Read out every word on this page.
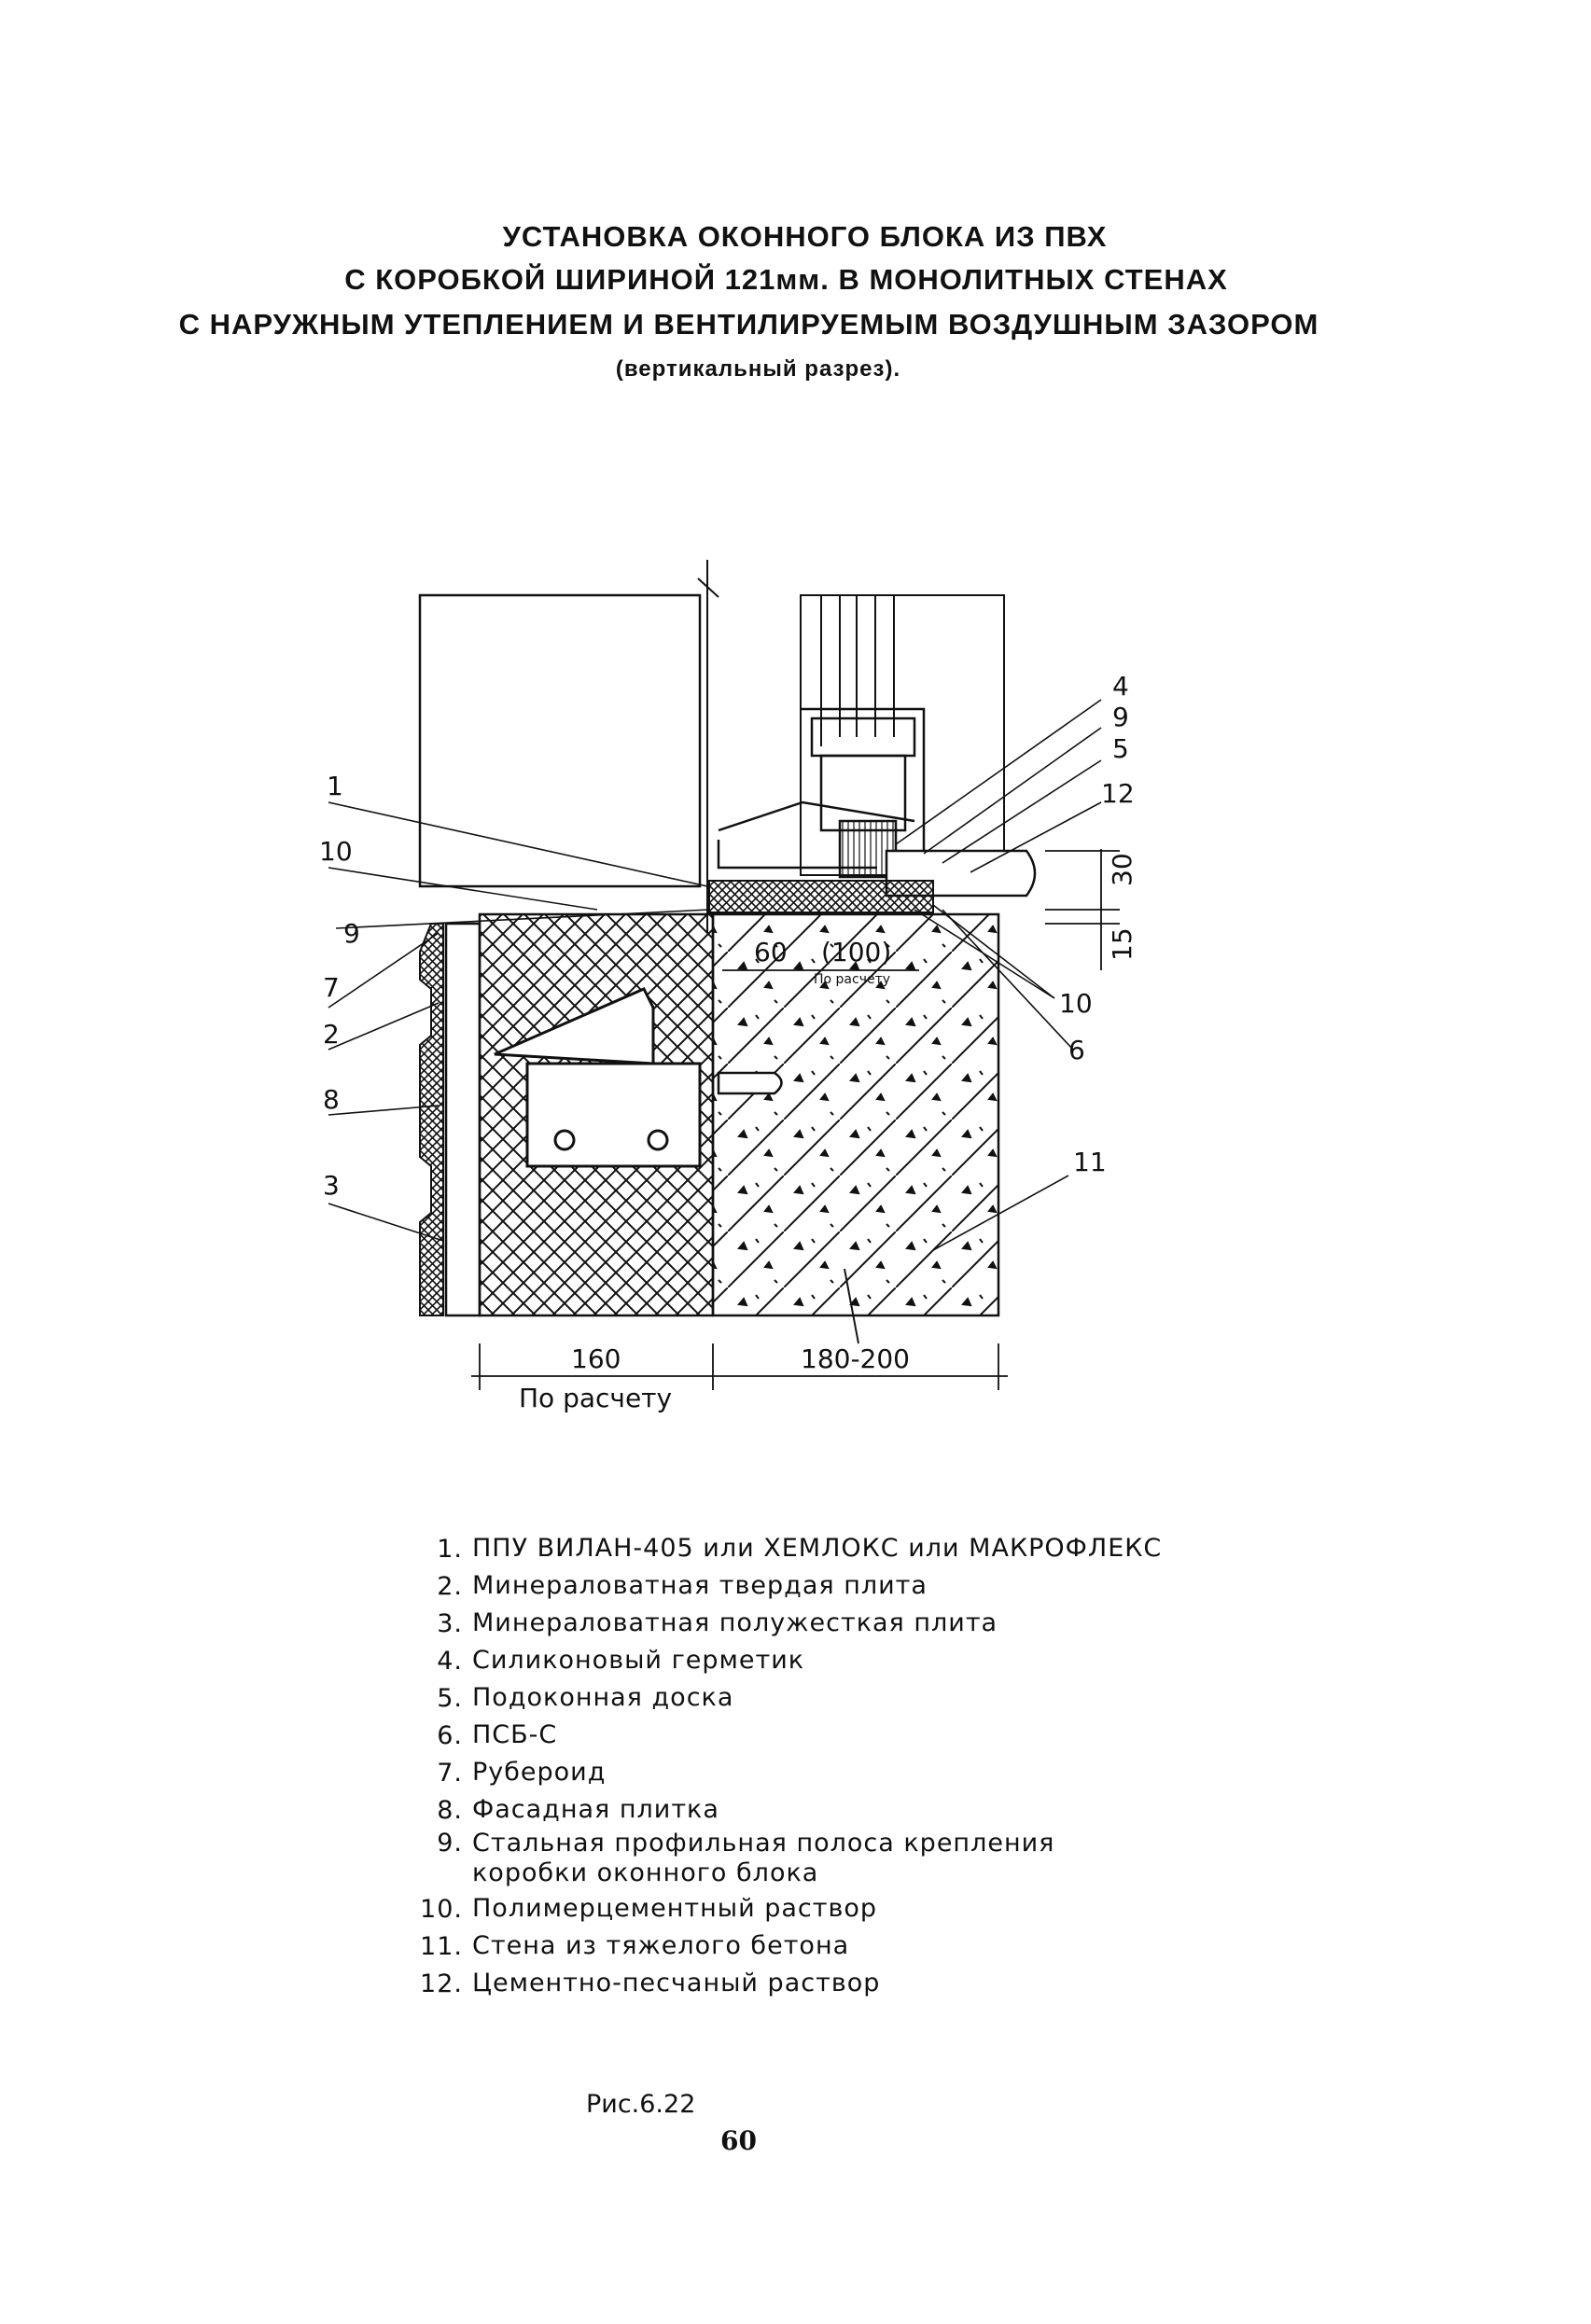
УСТАНОВКА ОКОННОГО БЛОКА ИЗ ПВХ
С КОРОБКОЙ ШИРИНОЙ 121мм. В МОНОЛИТНЫХ СТЕНАХ
С НАРУЖНЫМ УТЕПЛЕНИЕМ И ВЕНТИЛИРУЕМЫМ ВОЗДУШНЫМ ЗАЗОРОМ
(вертикальный разрез).
1
10
9
7
2
8
3
4
9
5
12
10
6
11
30
15
60 (100)
По расчету
160	180-200
По расчету
1. ППУ ВИЛАН-405 или ХЕМЛОКС или МАКРОФЛЕКС
2. Минераловатная твердая плита
3. Минераловатная полужесткая плита
4. Силиконовый герметик
5. Подоконная доска
6. ПСБ-С
7. Рубероид
8. Фасадная плитка
9. Стальная профильная полоса крепления коробки оконного блока
10. Полимерцементный раствор
11. Стена из тяжелого бетона
12. Цементно-песчаный раствор
Рис.6.22
60
